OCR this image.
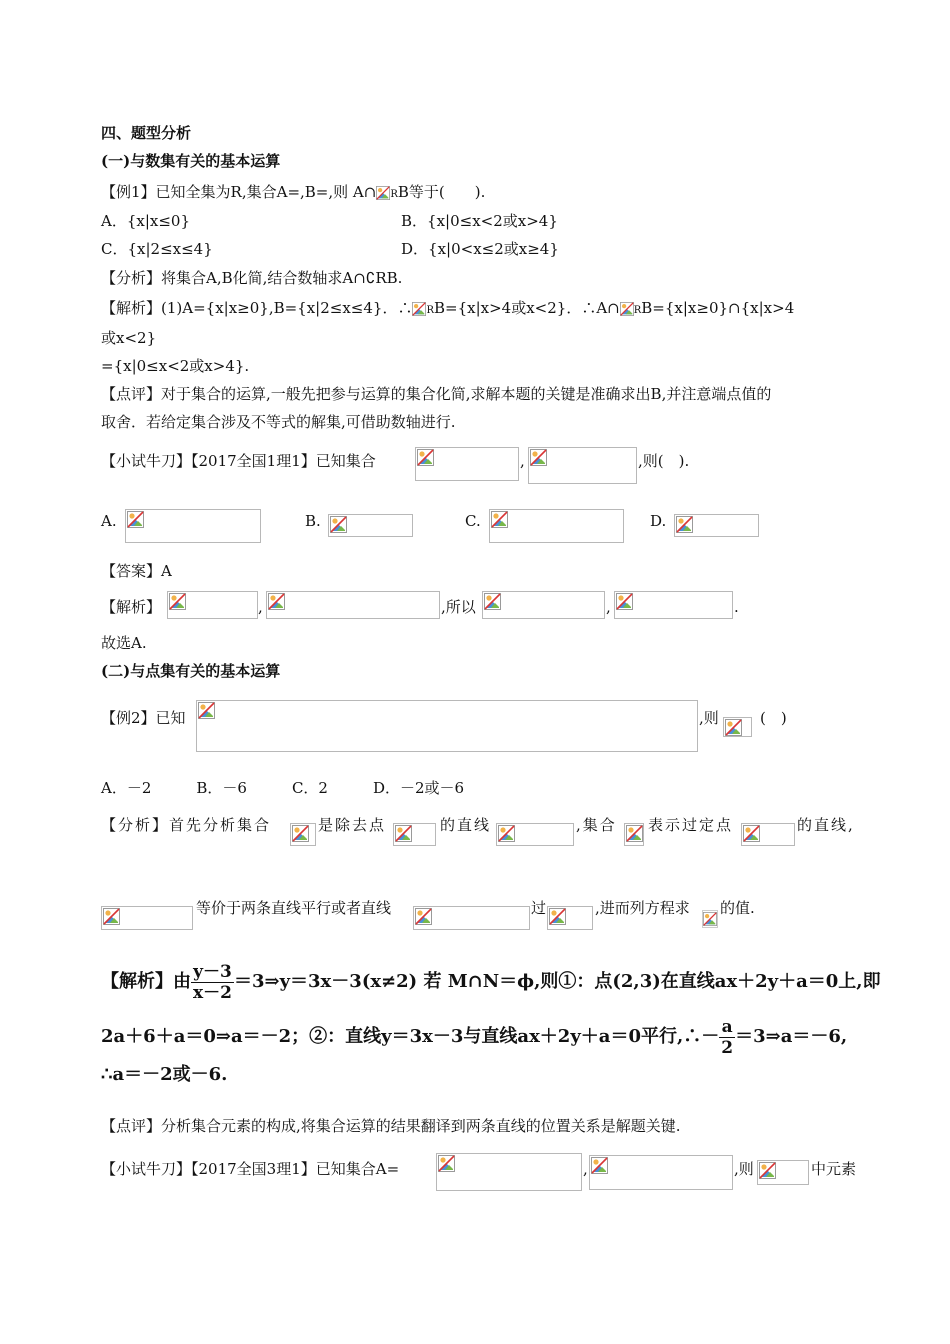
四、题型分析
(一)与数集有关的基本运算
【例1】已知全集为R,集合A=,B=,则 A∩ RB等于(　　).
A．{x|x≤0}	B．{x|0≤x<2或x>4}
C．{x|2≤x≤4}	D．{x|0<x≤2或x≥4}
【分析】将集合A,B化简,结合数轴求A∩∁RB.
【解析】(1)A={x|x≥0},B={x|2≤x≤4}．∴ RB={x|x>4或x<2}．∴A∩ RB={x|x≥0}∩{x|x>4
或x<2}
={x|0≤x<2或x>4}.
【点评】对于集合的运算,一般先把参与运算的集合化简,求解本题的关键是准确求出B,并注意端点值的
取舍．若给定集合涉及不等式的解集,可借助数轴进行.
【小试牛刀】【2017全国1理1】已知集合	,	,则(　).
A.	B.	C.	D.
【答案】A
【解析】	,	,所以	,	.
故选A.
(二)与点集有关的基本运算
【例2】已知	,则	(　)
A．－2　　　B．－6　　　C．2　　　D．－2或－6
【分析】首先分析集合	是除去点	的直线	,集合 表示过定点	的直线,
等价于两条直线平行或者直线	过	,进而列方程求 的值.
【解析】由 $\frac{y-3}{x-2}$ ＝3⇒y＝3x－3(x≠2) 若 M∩N＝ϕ,则①：点(2,3)在直线ax＋2y＋a＝0上,即
2a＋6＋a＝0⇒a＝－2；②：直线y＝3x－3与直线ax＋2y＋a＝0平行,∴－ $\frac{a}{2}$ ＝3⇒a＝－6,
∴a＝－2或－6.
【点评】分析集合元素的构成,将集合运算的结果翻译到两条直线的位置关系是解题关键.
【小试牛刀】【2017全国3理1】已知集合A=	,	,则	中元素
